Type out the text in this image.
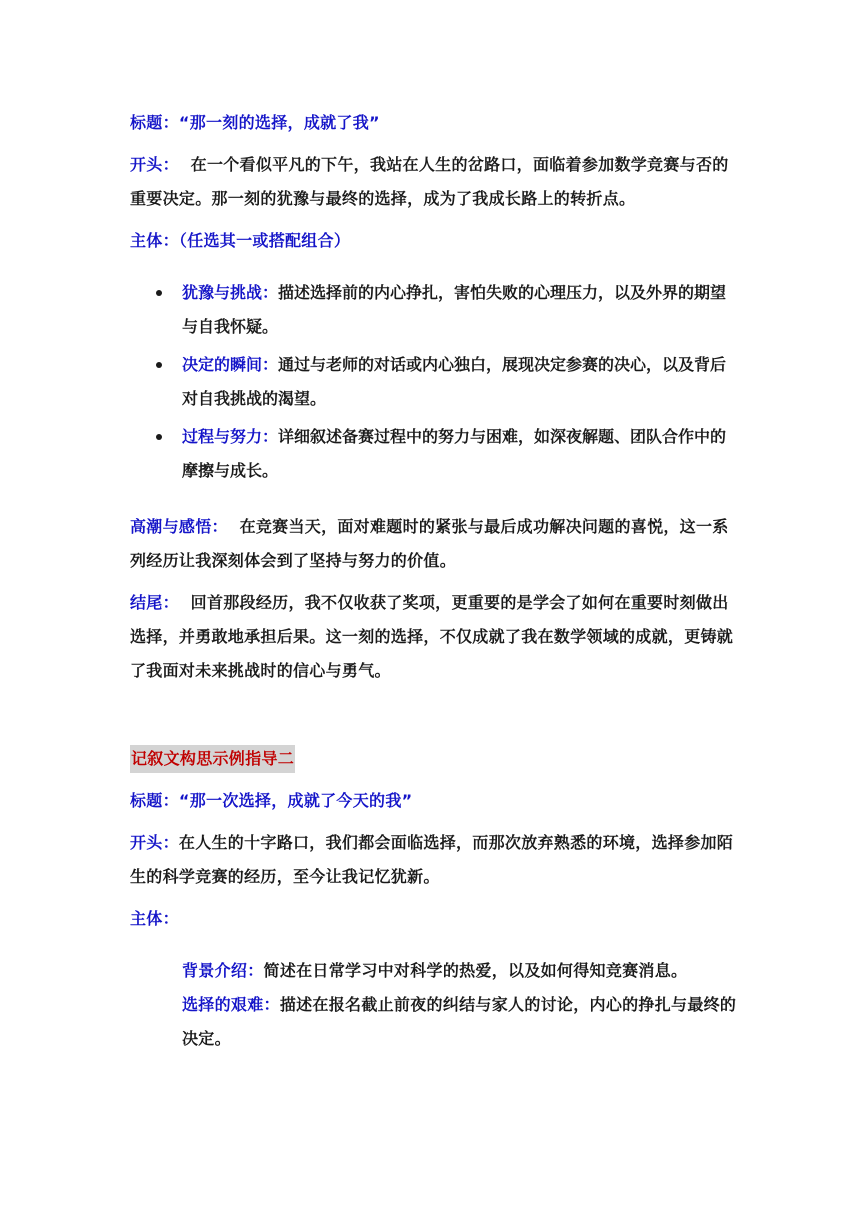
标题：“那一刻的选择，成就了我”

开头： 在一个看似平凡的下午，我站在人生的岔路口，面临着参加数学竞赛与否的重要决定。那一刻的犹豫与最终的选择，成为了我成长路上的转折点。

主体：（任选其一或搭配组合）

犹豫与挑战：描述选择前的内心挣扎，害怕失败的心理压力，以及外界的期望与自我怀疑。
决定的瞬间：通过与老师的对话或内心独白，展现决定参赛的决心，以及背后对自我挑战的渴望。
过程与努力：详细叙述备赛过程中的努力与困难，如深夜解题、团队合作中的摩擦与成长。

高潮与感悟： 在竞赛当天，面对难题时的紧张与最后成功解决问题的喜悦，这一系列经历让我深刻体会到了坚持与努力的价值。

结尾： 回首那段经历，我不仅收获了奖项，更重要的是学会了如何在重要时刻做出选择，并勇敢地承担后果。这一刻的选择，不仅成就了我在数学领域的成就，更铸就了我面对未来挑战时的信心与勇气。

记叙文构思示例指导二

标题：“那一次选择，成就了今天的我”

开头：在人生的十字路口，我们都会面临选择，而那次放弃熟悉的环境，选择参加陌生的科学竞赛的经历，至今让我记忆犹新。

主体：

背景介绍：简述在日常学习中对科学的热爱，以及如何得知竞赛消息。

选择的艰难：描述在报名截止前夜的纠结与家人的讨论，内心的挣扎与最终的决定。
